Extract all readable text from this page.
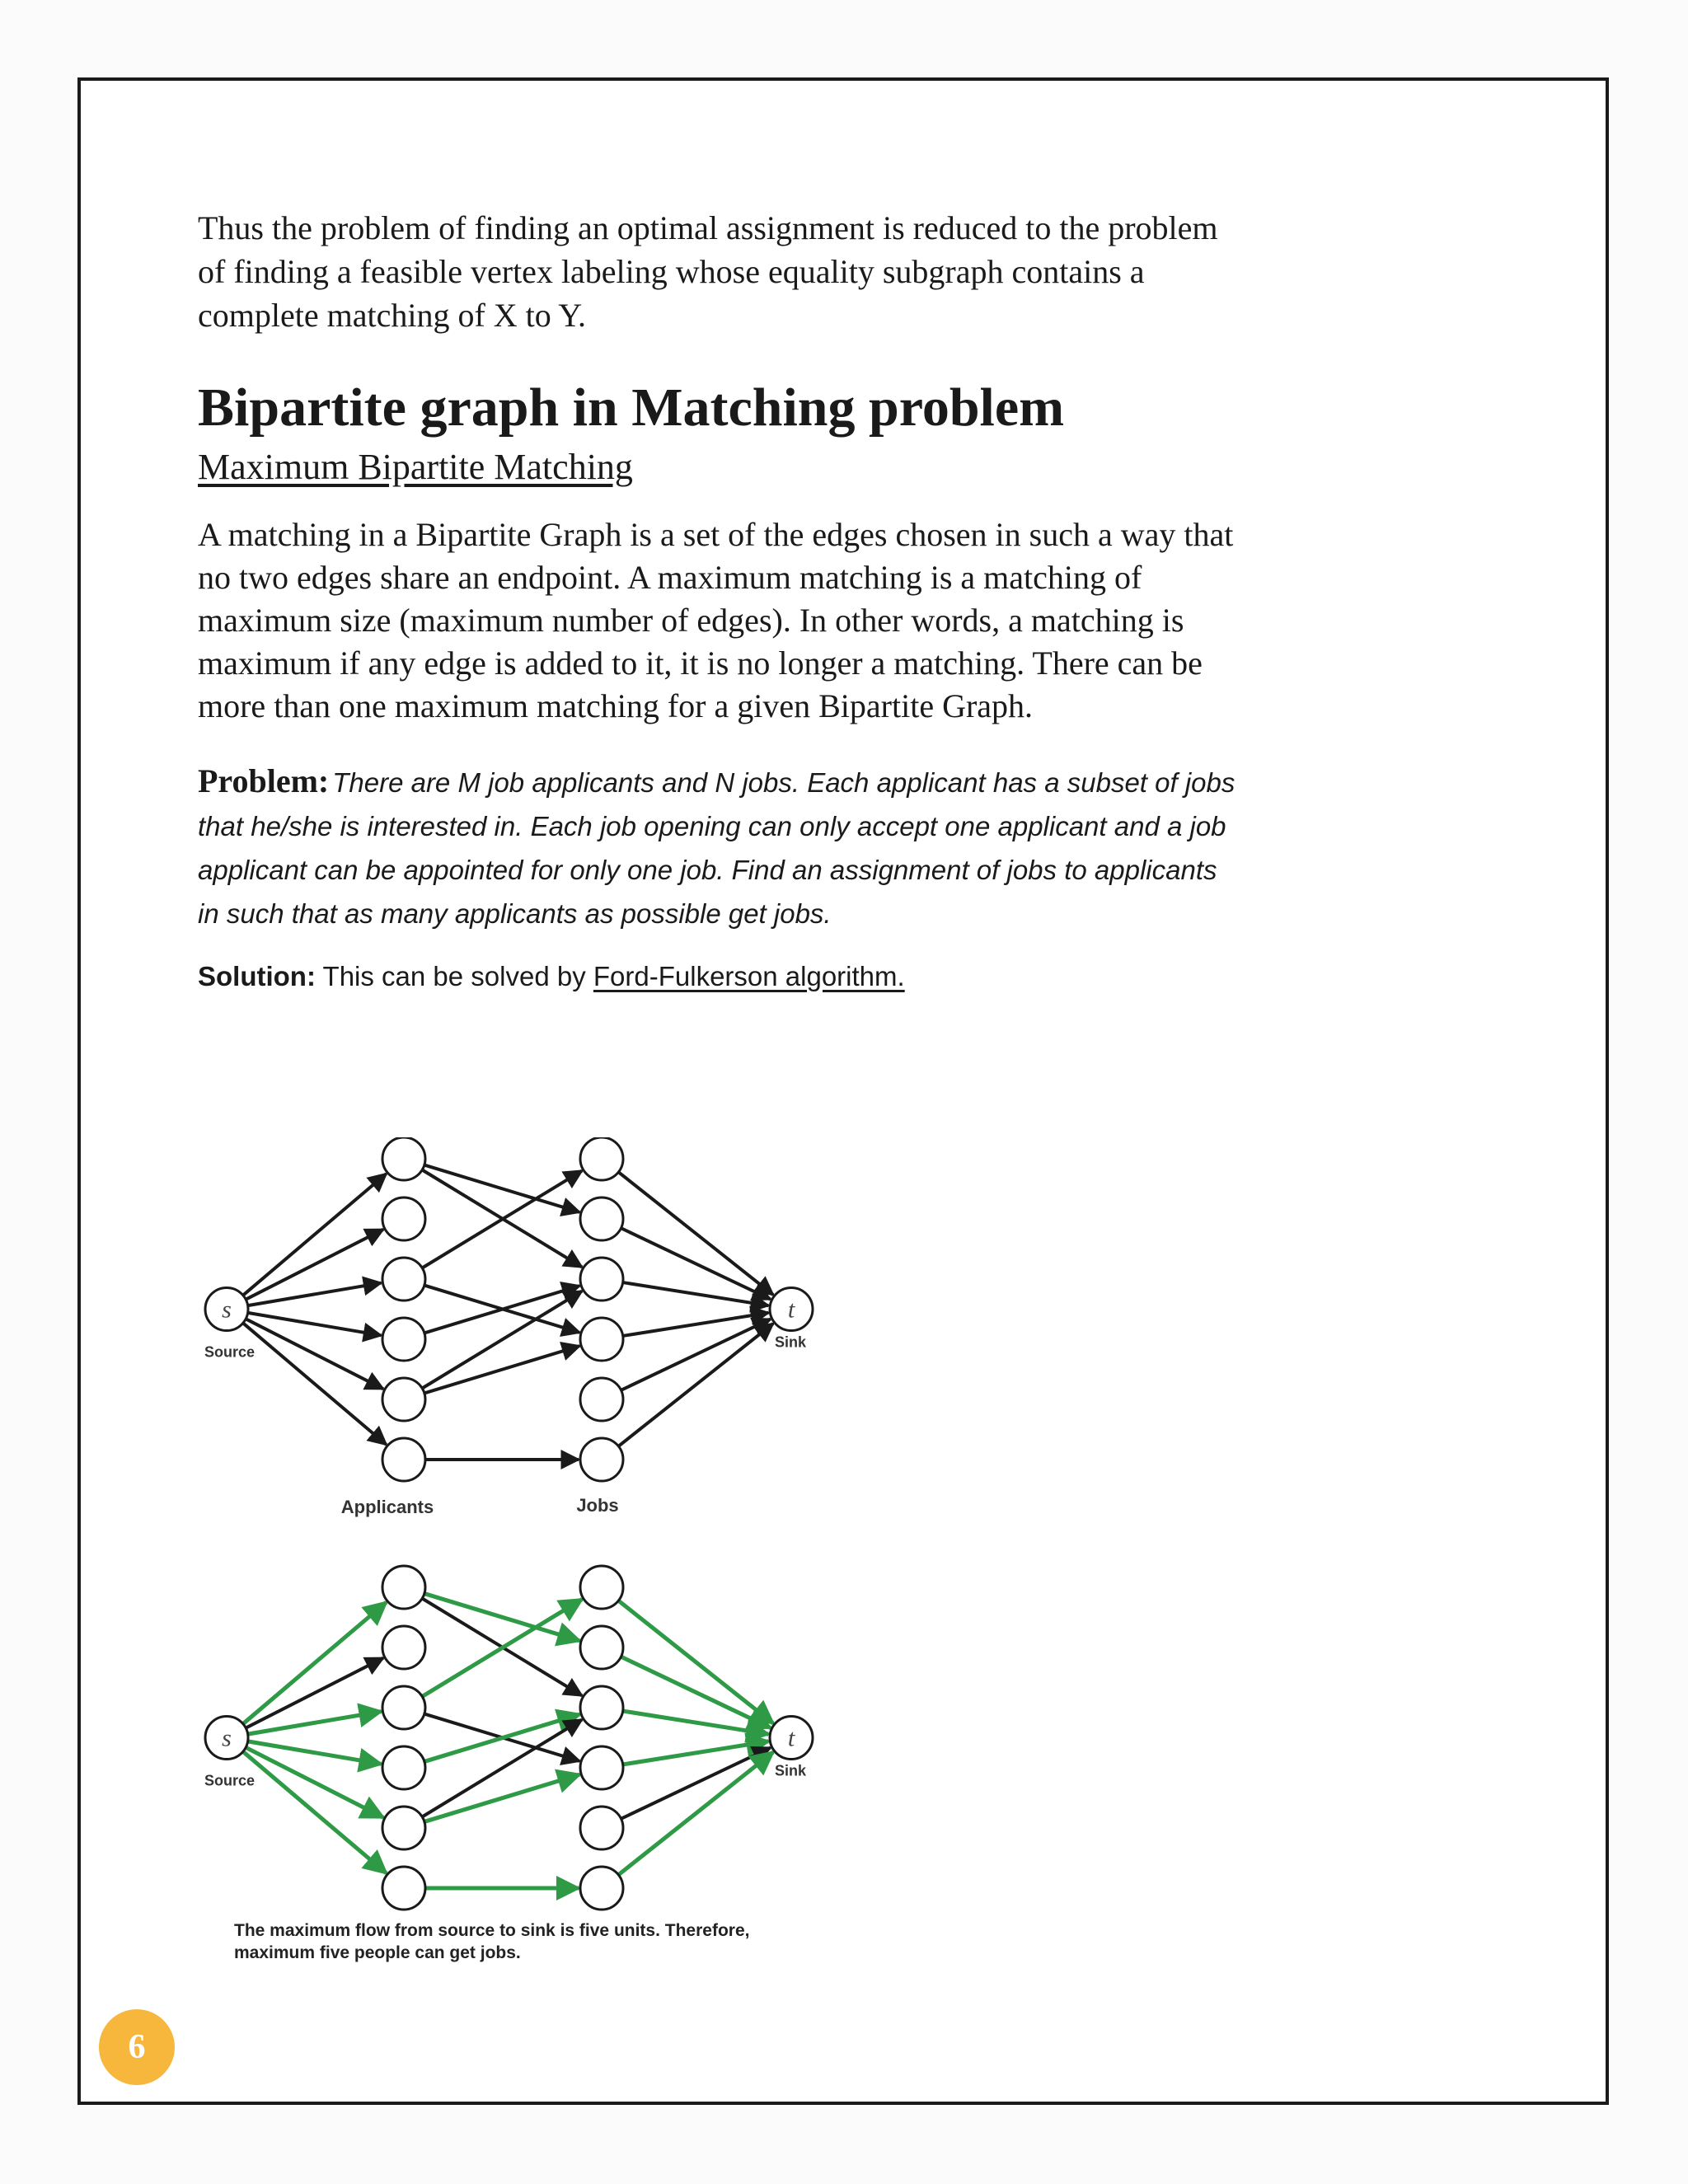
Thus the problem of finding an optimal assignment is reduced to the problem of finding a feasible vertex labeling whose equality subgraph contains a complete matching of X to Y.

Bipartite graph in Matching problem
Maximum Bipartite Matching

A matching in a Bipartite Graph is a set of the edges chosen in such a way that no two edges share an endpoint. A maximum matching is a matching of maximum size (maximum number of edges). In other words, a matching is maximum if any edge is added to it, it is no longer a matching. There can be more than one maximum matching for a given Bipartite Graph.

Problem: There are M job applicants and N jobs. Each applicant has a subset of jobs that he/she is interested in. Each job opening can only accept one applicant and a job applicant can be appointed for only one job. Find an assignment of jobs to applicants in such that as many applicants as possible get jobs.

Solution: This can be solved by Ford-Fulkerson algorithm.

s	t
Source
Sink
Applicants	Jobs
s	t
Source
Sink
The maximum flow from source to sink is five units. Therefore,
maximum five people can get jobs.
6
